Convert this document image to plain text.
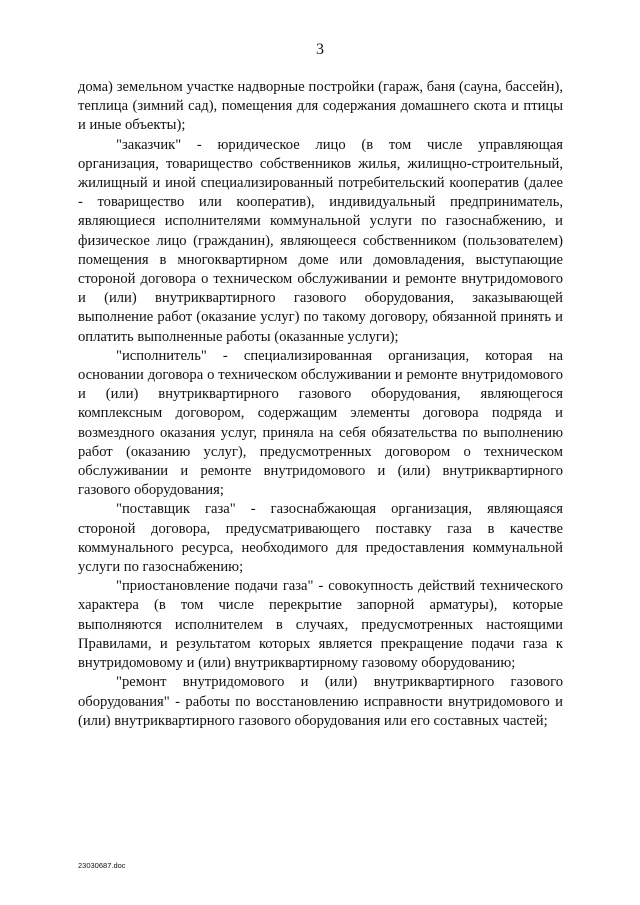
3

дома) земельном участке надворные постройки (гараж, баня (сауна, бассейн), теплица (зимний сад), помещения для содержания домашнего скота и птицы и иные объекты);

"заказчик" - юридическое лицо (в том числе управляющая организация, товарищество собственников жилья, жилищно-строительный, жилищный и иной специализированный потребительский кооператив (далее - товарищество или кооператив), индивидуальный предприниматель, являющиеся исполнителями коммунальной услуги по газоснабжению, и физическое лицо (гражданин), являющееся собственником (пользователем) помещения в многоквартирном доме или домовладения, выступающие стороной договора о техническом обслуживании и ремонте внутридомового и (или) внутриквартирного газового оборудования, заказывающей выполнение работ (оказание услуг) по такому договору, обязанной принять и оплатить выполненные работы (оказанные услуги);

"исполнитель" - специализированная организация, которая на основании договора о техническом обслуживании и ремонте внутридомового и (или) внутриквартирного газового оборудования, являющегося комплексным договором, содержащим элементы договора подряда и возмездного оказания услуг, приняла на себя обязательства по выполнению работ (оказанию услуг), предусмотренных договором о техническом обслуживании и ремонте внутридомового и (или) внутриквартирного газового оборудования;

"поставщик газа" - газоснабжающая организация, являющаяся стороной договора, предусматривающего поставку газа в качестве коммунального ресурса, необходимого для предоставления коммунальной услуги по газоснабжению;

"приостановление подачи газа" - совокупность действий технического характера (в том числе перекрытие запорной арматуры), которые выполняются исполнителем в случаях, предусмотренных настоящими Правилами, и результатом которых является прекращение подачи газа к внутридомовому и (или) внутриквартирному газовому оборудованию;

"ремонт внутридомового и (или) внутриквартирного газового оборудования" - работы по восстановлению исправности внутридомового и (или) внутриквартирного газового оборудования или его составных частей;

23030687.doc
